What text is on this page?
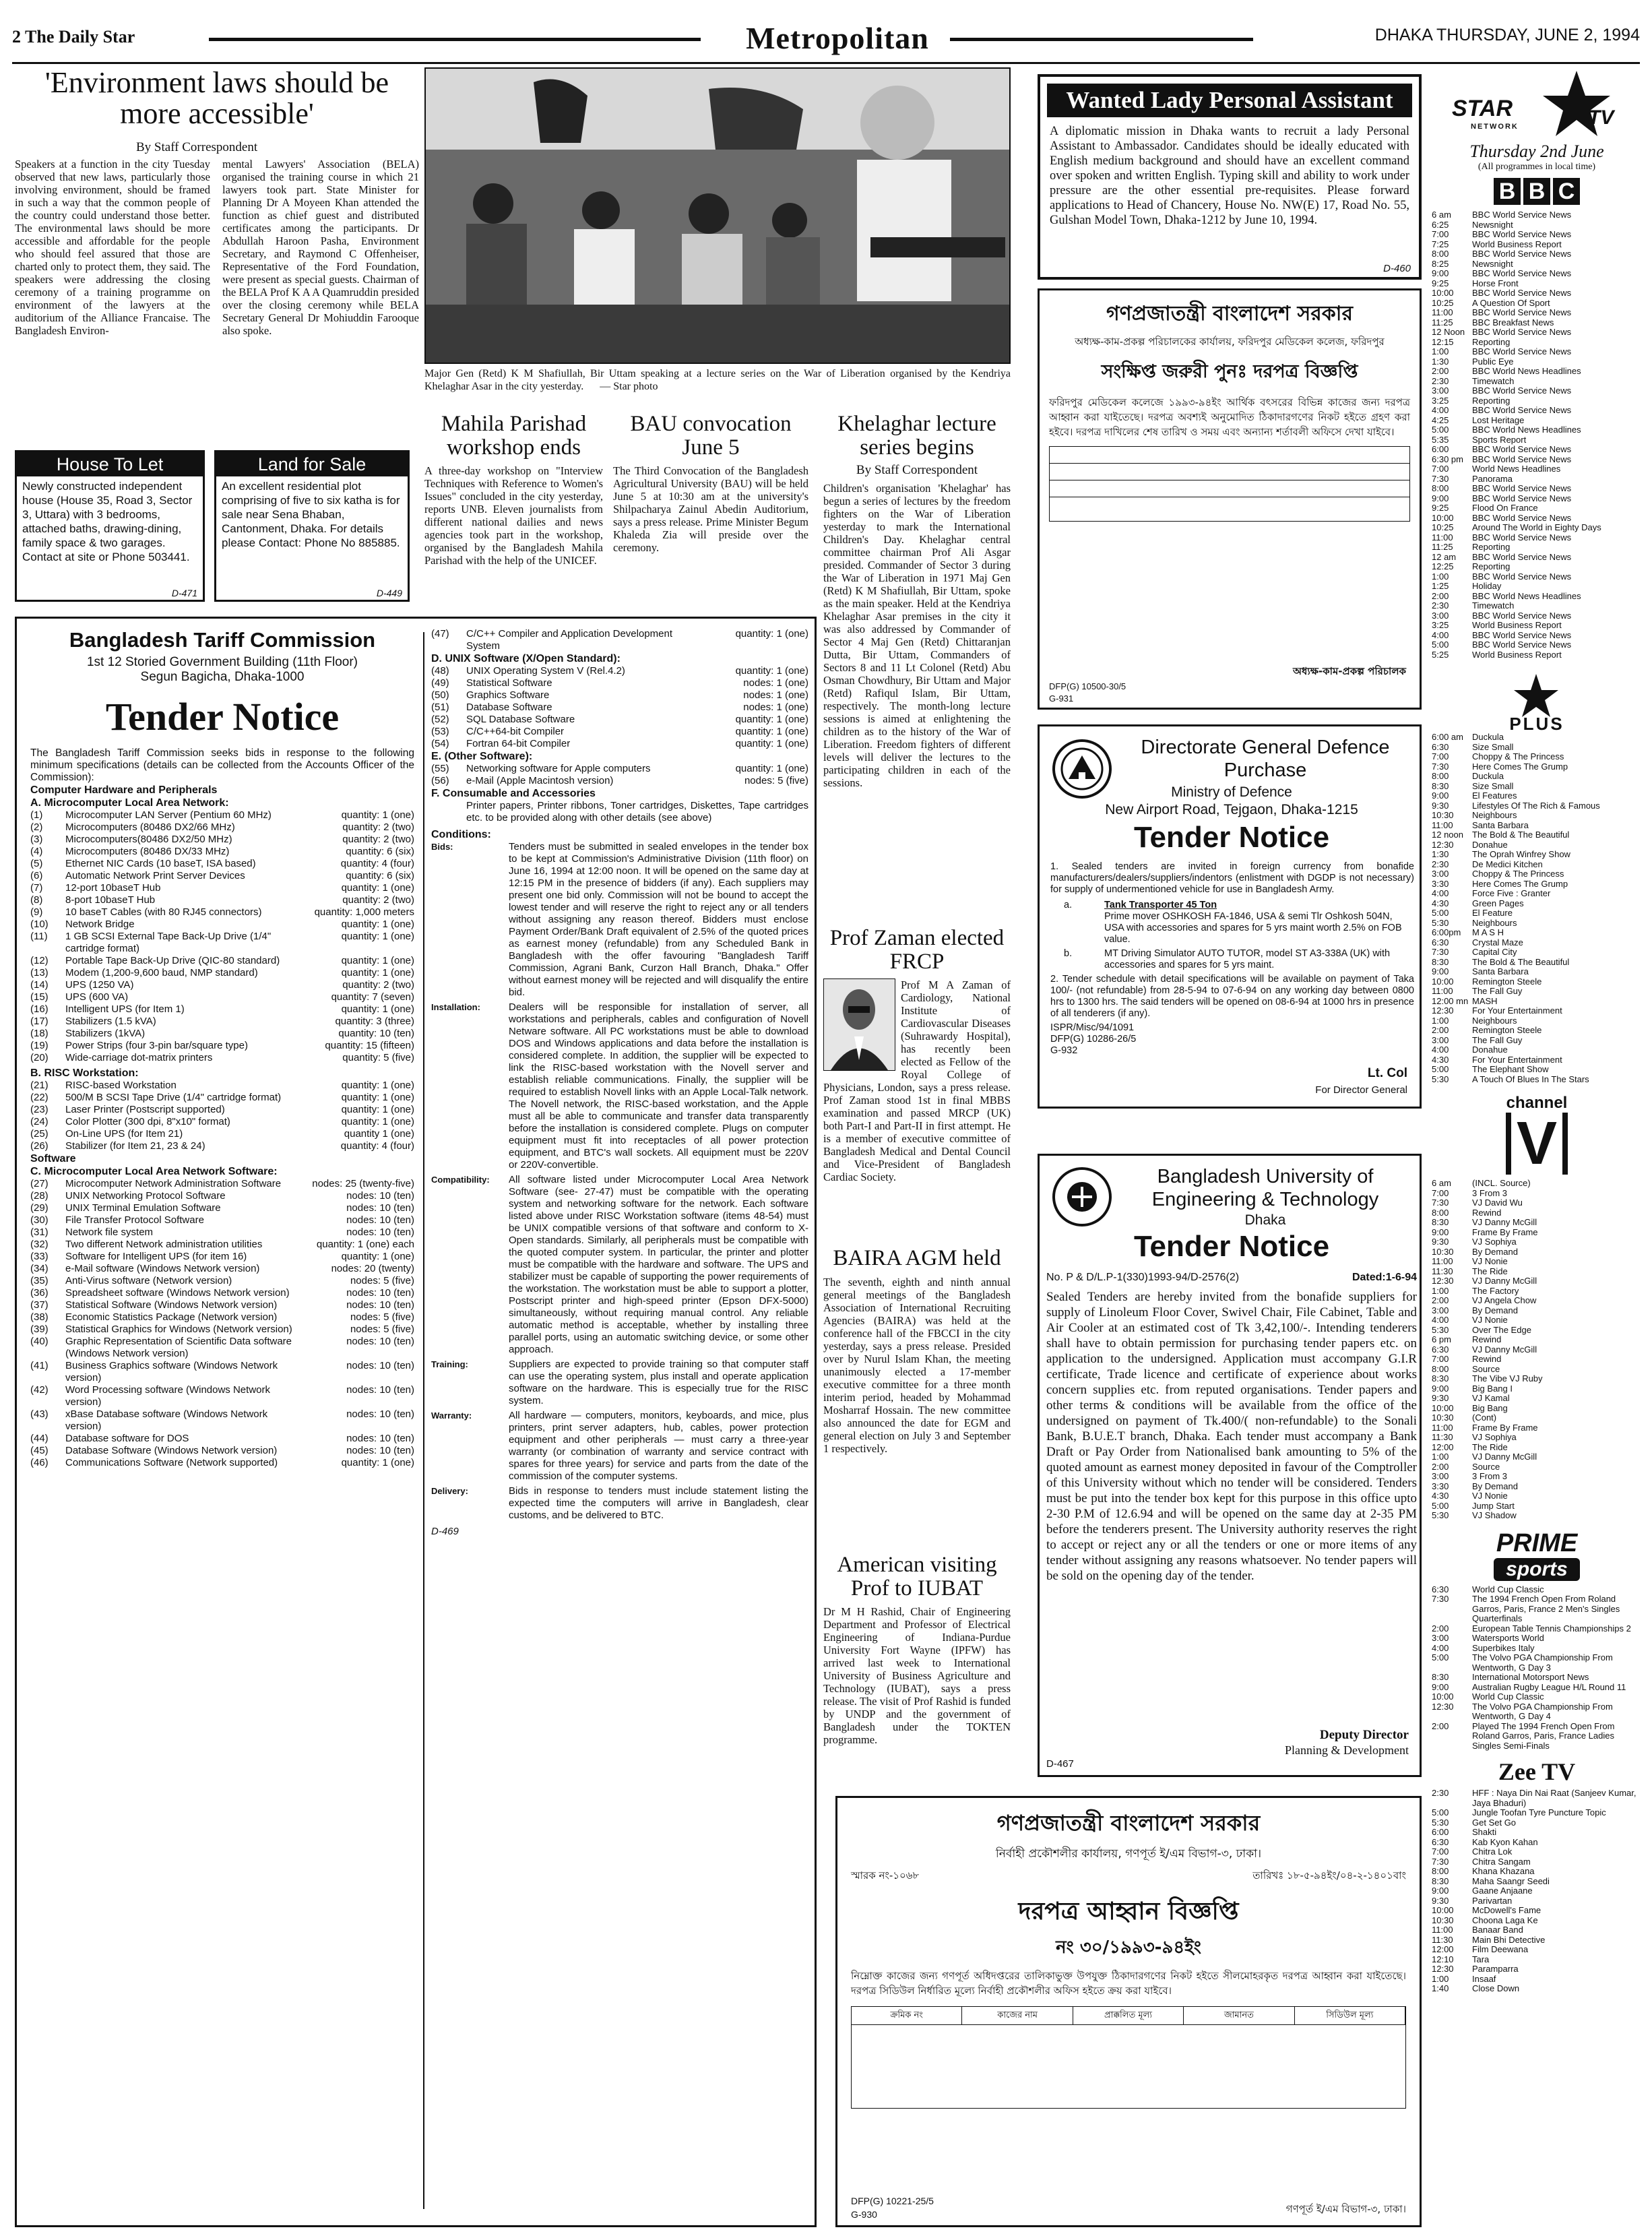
2 The Daily Star	Metropolitan	DHAKA THURSDAY, JUNE 2, 1994
'Environment laws should be more accessible'
By Staff Correspondent
Speakers at a function in the city Tuesday observed that new laws, particularly those involving environment, should be framed in such a way that the common people of the country could understand those better. The environmental laws should be more accessible and affordable for the people who should feel assured that those are charted only to protect them, they said. The speakers were addressing the closing ceremony of a training programme on environment of the lawyers at the auditorium of the Alliance Francaise. The Bangladesh Environ-
mental Lawyers' Association (BELA) organised the training course in which 21 lawyers took part. State Minister for Planning Dr A Moyeen Khan attended the function as chief guest and distributed certificates among the participants. Dr Abdullah Haroon Pasha, Environment Secretary, and Raymond C Offenheiser, Representative of the Ford Foundation, were present as special guests. Chairman of the BELA Prof K A A Quamruddin presided over the closing ceremony while BELA Secretary General Dr Mohiuddin Farooque also spoke.
Major Gen (Retd) K M Shafiullah, Bir Uttam speaking at a lecture series on the War of Liberation organised by the Kendriya Khelaghar Asar in the city yesterday. — Star photo
House To Let
Newly constructed independent house (House 35, Road 3, Sector 3, Uttara) with 3 bedrooms, attached baths, drawing-dining, family space & two garages. Contact at site or Phone 503441.
D-471
Land for Sale
An excellent residential plot comprising of five to six katha is for sale near Sena Bhaban, Cantonment, Dhaka. For details please Contact: Phone No 885885.
D-449
Mahila Parishad workshop ends
A three-day workshop on "Interview Techniques with Reference to Women's Issues" concluded in the city yesterday, reports UNB. Eleven journalists from different national dailies and news agencies took part in the workshop, organised by the Bangladesh Mahila Parishad with the help of the UNICEF.
BAU convocation June 5
The Third Convocation of the Bangladesh Agricultural University (BAU) will be held June 5 at 10:30 am at the university's Shilpacharya Zainul Abedin Auditorium, says a press release. Prime Minister Begum Khaleda Zia will preside over the ceremony.
Khelaghar lecture series begins
By Staff Correspondent
Children's organisation 'Khelaghar' has begun a series of lectures by the freedom fighters on the War of Liberation yesterday to mark the International Children's Day. Khelaghar central committee chairman Prof Ali Asgar presided. Commander of Sector 3 during the War of Liberation in 1971 Maj Gen (Retd) K M Shafiullah, Bir Uttam, spoke as the main speaker. Held at the Kendriya Khelaghar Asar premises in the city it was also addressed by Commander of Sector 4 Maj Gen (Retd) Chittaranjan Dutta, Bir Uttam, Commanders of Sectors 8 and 11 Lt Colonel (Retd) Abu Osman Chowdhury, Bir Uttam and Major (Retd) Rafiqul Islam, Bir Uttam, respectively. The month-long lecture sessions is aimed at enlightening the children as to the history of the War of Liberation. Freedom fighters of different levels will deliver the lectures to the participating children in each of the sessions.
Prof Zaman elected FRCP
Prof M A Zaman of Cardiology, National Institute of Cardiovascular Diseases (Suhrawardy Hospital), has recently been elected as Fellow of the Royal College of Physicians, London, says a press release. Prof Zaman stood 1st in final MBBS examination and passed MRCP (UK) both Part-I and Part-II in first attempt. He is a member of executive committee of Bangladesh Medical and Dental Council and Vice-President of Bangladesh Cardiac Society.
BAIRA AGM held
The seventh, eighth and ninth annual general meetings of the Bangladesh Association of International Recruiting Agencies (BAIRA) was held at the conference hall of the FBCCI in the city yesterday, says a press release. Presided over by Nurul Islam Khan, the meeting unanimously elected a 17-member executive committee for a three month interim period, headed by Mohammad Mosharraf Hossain. The new committee also announced the date for EGM and general election on July 3 and September 1 respectively.
American visiting Prof to IUBAT
Dr M H Rashid, Chair of Engineering Department and Professor of Electrical Engineering of Indiana-Purdue University Fort Wayne (IPFW) has arrived last week to International University of Business Agriculture and Technology (IUBAT), says a press release. The visit of Prof Rashid is funded by UNDP and the government of Bangladesh under the TOKTEN programme.
Bangladesh Tariff Commission
1st 12 Storied Government Building (11th Floor)
Segun Bagicha, Dhaka-1000
Tender Notice
The Bangladesh Tariff Commission seeks bids in response to the following minimum specifications (details can be collected from the Accounts Officer of the Commission):
Computer Hardware and Peripherals
A. Microcomputer Local Area Network:
(1)	Microcomputer LAN Server (Pentium 60 MHz)	quantity: 1 (one)
(2)	Microcomputers (80486 DX2/66 MHz)	quantity: 2 (two)
(3)	Microcomputers(80486 DX2/50 MHz)	quantity: 2 (two)
(4)	Microcomputers (80486 DX/33 MHz)	quantity: 6 (six)
(5)	Ethernet NIC Cards (10 baseT, ISA based)	quantity: 4 (four)
(6)	Automatic Network Print Server Devices	quantity: 6 (six)
(7)	12-port 10baseT Hub	quantity: 1 (one)
(8)	8-port 10baseT Hub	quantity: 2 (two)
(9)	10 baseT Cables (with 80 RJ45 connectors)	quantity: 1,000 meters
(10)	Network Bridge	quantity: 1 (one)
(11)	1 GB SCSI External Tape Back-Up Drive (1/4" cartridge format)
quantity: 1 (one)
(12)	Portable Tape Back-Up Drive (QIC-80 standard)	quantity: 1 (one)
(13)	Modem (1,200-9,600 baud, NMP standard)	quantity: 1 (one)
(14)	UPS (1250 VA)	quantity: 2 (two)
(15)	UPS (600 VA)	quantity: 7 (seven)
(16)	Intelligent UPS (for Item 1)	quantity: 1 (one)
(17)	Stabilizers (1.5 kVA)	quantity: 3 (three)
(18)	Stabilizers (1kVA)	quantity: 10 (ten)
(19)	Power Strips (four 3-pin bar/square type)	quantity: 15 (fifteen)
(20)	Wide-carriage dot-matrix printers	quantity: 5 (five)
B. RISC Workstation:
(21)	RISC-based Workstation	quantity: 1 (one)
(22)	500/M B SCSI Tape Drive (1/4" cartridge format)	quantity: 1 (one)
(23)	Laser Printer (Postscript supported)	quantity: 1 (one)
(24)	Color Plotter (300 dpi, 8"x10" format)	quantity: 1 (one)
(25)	On-Line UPS (for Item 21)	quantity 1 (one)
(26)	Stabilizer (for Item 21, 23 & 24)	quantity: 4 (four)
Software
C. Microcomputer Local Area Network Software:
(27)	Microcomputer Network Administration Software	nodes: 25 (twenty-five)
(28)	UNIX Networking Protocol Software	nodes: 10 (ten)
(29)	UNIX Terminal Emulation Software	nodes: 10 (ten)
(30)	File Transfer Protocol Software	nodes: 10 (ten)
(31)	Network file system	nodes: 10 (ten)
(32)	Two different Network administration utilities	quantity: 1 (one) each
(33)	Software for Intelligent UPS (for item 16)	quantity: 1 (one)
(34)	e-Mail software (Windows Network version)	nodes: 20 (twenty)
(35)	Anti-Virus software (Network version)	nodes: 5 (five)
(36)	Spreadsheet software (Windows Network version)	nodes: 10 (ten)
(37)	Statistical Software (Windows Network version)	nodes: 10 (ten)
(38)	Economic Statistics Package (Network version)	nodes: 5 (five)
(39)	Statistical Graphics for Windows (Network version)	nodes: 5 (five)
(40)	Graphic Representation of Scientific Data software (Windows Network version)
nodes: 10 (ten)
(41)	Business Graphics software (Windows Network version)
nodes: 10 (ten)
(42)	Word Processing software (Windows Network version)
nodes: 10 (ten)
(43)	xBase Database software (Windows Network version)
nodes: 10 (ten)
(44)	Database software for DOS	nodes: 10 (ten)
(45)	Database Software (Windows Network version)	nodes: 10 (ten)
(46)	Communications Software (Network supported)	quantity: 1 (one)
(47)	C/C++ Compiler and Application Development System
quantity: 1 (one)
D. UNIX Software (X/Open Standard):
(48)	UNIX Operating System V (Rel.4.2)	quantity: 1 (one)
(49)	Statistical Software	nodes: 1 (one)
(50)	Graphics Software	nodes: 1 (one)
(51)	Database Software	nodes: 1 (one)
(52)	SQL Database Software	quantity: 1 (one)
(53)	C/C++64-bit Compiler	quantity: 1 (one)
(54)	Fortran 64-bit Compiler	quantity: 1 (one)
E. (Other Software):
(55)	Networking software for Apple computers	quantity: 1 (one)
(56)	e-Mail (Apple Macintosh version)	nodes: 5 (five)
F. Consumable and Accessories
Printer papers, Printer ribbons, Toner cartridges, Diskettes, Tape cartridges etc. to be provided along with other details (see above)
Conditions:
Bids:	Tenders must be submitted in sealed envelopes in the tender box to be kept at Commission's Administrative Division (11th floor) on June 16, 1994 at 12:00 noon. It will be opened on the same day at 12:15 PM in the presence of bidders (if any). Each suppliers may present one bid only. Commission will not be bound to accept the lowest tender and will reserve the right to reject any or all tenders without assigning any reason thereof. Bidders must enclose Payment Order/Bank Draft equivalent of 2.5% of the quoted prices as earnest money (refundable) from any Scheduled Bank in Bangladesh with the offer favouring "Bangladesh Tariff Commission, Agrani Bank, Curzon Hall Branch, Dhaka." Offer without earnest money will be rejected and will disqualify the entire bid.
Installation:	Dealers will be responsible for installation of server, all workstations and peripherals, cables and configuration of Novell Netware software. All PC workstations must be able to download DOS and Windows applications and data before the installation is considered complete. In addition, the supplier will be expected to link the RISC-based workstation with the Novell server and establish reliable communications. Finally, the supplier will be required to establish Novell links with an Apple Local-Talk network. The Novell network, the RISC-based workstation, and the Apple must all be able to communicate and transfer data transparently before the installation is considered complete. Plugs on computer equipment must fit into receptacles of all power protection equipment, and BTC's wall sockets. All equipment must be 220V or 220V-convertible.
Compatibility:	All software listed under Microcomputer Local Area Network Software (see- 27-47) must be compatible with the operating system and networking software for the network. Each software listed above under RISC Workstation software (items 48-54) must be UNIX compatible versions of that software and conform to X-Open standards. Similarly, all peripherals must be compatible with the quoted computer system. In particular, the printer and plotter must be compatible with the hardware and software. The UPS and stabilizer must be capable of supporting the power requirements of the workstation. The workstation must be able to support a plotter, Postscript printer and high-speed printer (Epson DFX-5000) simultaneously, without requiring manual control. Any reliable automatic method is acceptable, whether by installing three parallel ports, using an automatic switching device, or some other approach.
Training:	Suppliers are expected to provide training so that computer staff can use the operating system, plus install and operate application software on the hardware. This is especially true for the RISC system.
Warranty:	All hardware — computers, monitors, keyboards, and mice, plus printers, print server adapters, hub, cables, power protection equipment and other peripherals — must carry a three-year warranty (or combination of warranty and service contract with spares for three years) for service and parts from the date of the commission of the computer systems.
Delivery:	Bids in response to tenders must include statement listing the expected time the computers will arrive in Bangladesh, clear customs, and be delivered to BTC.
D-469
Wanted Lady Personal Assistant
A diplomatic mission in Dhaka wants to recruit a lady Personal Assistant to Ambassador. Candidates should be ideally educated with English medium background and should have an excellent command over spoken and written English. Typing skill and ability to work under pressure are the other essential pre-requisites. Please forward applications to Head of Chancery, House No. NW(E) 17, Road No. 55, Gulshan Model Town, Dhaka-1212 by June 10, 1994.
D-460
গণপ্রজাতন্ত্রী বাংলাদেশ সরকার
অধ্যক্ষ-কাম-প্রকল্প পরিচালকের কার্যালয়, ফরিদপুর মেডিকেল কলেজ, ফরিদপুর
সংক্ষিপ্ত জরুরী পুনঃ দরপত্র বিজ্ঞপ্তি
ফরিদপুর মেডিকেল কলেজে ১৯৯৩-৯৪ইং আর্থিক বৎসরের বিভিন্ন কাজের জন্য দরপত্র আহ্বান করা যাইতেছে। দরপত্র অবশ্যই অনুমোদিত ঠিকাদারগণের নিকট হইতে গ্রহণ করা হইবে। দরপত্র দাখিলের শেষ তারিখ ও সময় এবং অন্যান্য শর্তাবলী অফিসে দেখা যাইবে।
অধ্যক্ষ-কাম-প্রকল্প পরিচালক
DFP(G) 10500-30/5
G-931
Directorate General Defence Purchase
Ministry of Defence
New Airport Road, Tejgaon, Dhaka-1215
Tender Notice
1. Sealed tenders are invited in foreign currency from bonafide manufacturers/dealers/suppliers/indentors (enlistment with DGDP is not necessary) for supply of undermentioned vehicle for use in Bangladesh Army.
a.	Tank Transporter 45 Ton
Prime mover OSHKOSH FA-1846, USA & semi Tlr Oshkosh 504N, USA with accessories and spares for 5 yrs maint worth 2.5% on FOB value.
b.	MT Driving Simulator AUTO TUTOR, model ST A3-338A (UK) with accessories and spares for 5 yrs maint.
2. Tender schedule with detail specifications will be available on payment of Taka 100/- (not refundable) from 28-5-94 to 07-6-94 on any working day between 0800 hrs to 1300 hrs. The said tenders will be opened on 08-6-94 at 1000 hrs in presence of all tenderers (if any).
ISPR/Misc/94/1091
DFP(G) 10286-26/5
G-932
Lt. Col
For Director General
Bangladesh University of Engineering & Technology
Dhaka
Tender Notice
No. P & D/L.P-1(330)1993-94/D-2576(2)	Dated:1-6-94
Sealed Tenders are hereby invited from the bonafide suppliers for supply of Linoleum Floor Cover, Swivel Chair, File Cabinet, Table and Air Cooler at an estimated cost of Tk 3,42,100/-. Intending tenderers shall have to obtain permission for purchasing tender papers etc. on application to the undersigned. Application must accompany G.I.R certificate, Trade licence and certificate of experience about works concern supplies etc. from reputed organisations. Tender papers and other terms & conditions will be available from the office of the undersigned on payment of Tk.400/( non-refundable) to the Sonali Bank, B.U.E.T branch, Dhaka. Each tender must accompany a Bank Draft or Pay Order from Nationalised bank amounting to 5% of the quoted amount as earnest money deposited in favour of the Comptroller of this University without which no tender will be considered. Tenders must be put into the tender box kept for this purpose in this office upto 2-30 P.M of 12.6.94 and will be opened on the same day at 2-35 PM before the tenderers present. The University authority reserves the right to accept or reject any or all the tenders or one or more items of any tender without assigning any reasons whatsoever. No tender papers will be sold on the opening day of the tender.
Deputy Director
Planning & Development
D-467
গণপ্রজাতন্ত্রী বাংলাদেশ সরকার
নির্বাহী প্রকৌশলীর কার্যালয়, গণপূর্ত ই/এম বিভাগ-৩, ঢাকা।
স্মারক নং-১০৬৮	তারিখঃ ১৮-৫-৯৪ইং/০৪-২-১৪০১বাং
দরপত্র আহ্বান বিজ্ঞপ্তি
নং ৩০/১৯৯৩-৯৪ইং
নিম্নোক্ত কাজের জন্য গণপূর্ত অধিদপ্তরের তালিকাভুক্ত উপযুক্ত ঠিকাদারগণের নিকট হইতে সীলমোহরকৃত দরপত্র আহ্বান করা যাইতেছে। দরপত্র সিডিউল নির্ধারিত মূল্যে নির্বাহী প্রকৌশলীর অফিস হইতে ক্রয় করা যাইবে।
ক্রমিক নং	কাজের নাম	প্রাক্কলিত মূল্য	জামানত	সিডিউল মূল্য
DFP(G) 10221-25/5
G-930	গণপূর্ত ই/এম বিভাগ-৩, ঢাকা।
STAR	TV
NETWORK
Thursday 2nd June
(All programmes in local time)
B B C
6 am	BBC World Service News
6:25	Newsnight
7:00	BBC World Service News
7:25	World Business Report
8:00	BBC World Service News
8:25	Newsnight
9:00	BBC World Service News
9:25	Horse Front
10:00	BBC World Service News
10:25	A Question Of Sport
11:00	BBC World Service News
11:25	BBC Breakfast News
12 Noon BBC World Service News
12:15	Reporting
1:00	BBC World Service News
1:30	Public Eye
2:00	BBC World News Headlines
2:30	Timewatch
3:00	BBC World Service News
3:25	Reporting
4:00	BBC World Service News
4:25	Lost Heritage
5:00	BBC World News Headlines
5:35	Sports Report
6:00	BBC World Service News
6:30 pm	BBC World Service News
7:00	World News Headlines
7:30	Panorama
8:00	BBC World Service News
9:00	BBC World Service News
9:25	Flood On France
10:00	BBC World Service News
10:25	Around The World in Eighty Days
11:00	BBC World Service News
11:25	Reporting
12 am	BBC World Service News
12:25	Reporting
1:00	BBC World Service News
1:25	Holiday
2:00	BBC World News Headlines
2:30	Timewatch
3:00	BBC World Service News
3:25	World Business Report
4:00	BBC World Service News
5:00	BBC World Service News
5:25	World Business Report
PLUS
6:00 am	Duckula
6:30	Size Small
7:00	Choppy & The Princess
7:30	Here Comes The Grump
8:00	Duckula
8:30	Size Small
9:00	El Features
9:30	Lifestyles Of The Rich & Famous
10:30	Neighbours
11:00	Santa Barbara
12 noon	The Bold & The Beautiful
12:30	Donahue
1:30	The Oprah Winfrey Show
2:30	De Medici Kitchen
3:00	Choppy & The Princess
3:30	Here Comes The Grump
4:00	Force Five : Granter
4:30	Green Pages
5:00	El Feature
5:30	Neighbours
6:00pm	M A S H
6:30	Crystal Maze
7:30	Capital City
8:30	The Bold & The Beautiful
9:00	Santa Barbara
10:00	Remington Steele
11:00	The Fall Guy
12:00 mn MASH
12:30	For Your Entertainment
1:00	Neighbours
2:00	Remington Steele
3:00	The Fall Guy
4:00	Donahue
4:30	For Your Entertainment
5:00	The Elephant Show
5:30	A Touch Of Blues In The Stars
channel
V
6 am	(INCL. Source)
7:00	3 From 3
7:30	VJ David Wu
8:00	Rewind
8:30	VJ Danny McGill
9:00	Frame By Frame
9:30	VJ Sophiya
10:30	By Demand
11:00	VJ Nonie
11:30	The Ride
12:30	VJ Danny McGill
1:00	The Factory
2:00	VJ Angela Chow
3:00	By Demand
4:00	VJ Nonie
5:30	Over The Edge
6 pm	Rewind
6:30	VJ Danny McGill
7:00	Rewind
8:00	Source
8:30	The Vibe VJ Ruby
9:00	Big Bang I
9:30	VJ Kamal
10:00	Big Bang
10:30	(Cont)
11:00	Frame By Frame
11:30	VJ Sophiya
12:00	The Ride
1:00	VJ Danny McGill
2:00	Source
3:00	3 From 3
3:30	By Demand
4:30	VJ Nonie
5:00	Jump Start
5:30	VJ Shadow
PRIME
sports
6:30	World Cup Classic
7:30	The 1994 French Open From Roland Garros, Paris, France 2 Men's Singles Quarterfinals
2:00	European Table Tennis Championships 2
3:00	Watersports World
4:00	Superbikes Italy
5:00	The Volvo PGA Championship From Wentworth, G Day 3
8:30	International Motorsport News
9:00	Australian Rugby League H/L Round 11
10:00	World Cup Classic
12:30	The Volvo PGA Championship From Wentworth, G Day 4
2:00	Played The 1994 French Open From Roland Garros, Paris, France Ladies Singles Semi-Finals
Zee TV
2:30	HFF : Naya Din Nai Raat (Sanjeev Kumar, Jaya Bhaduri)
5:00	Jungle Toofan Tyre Puncture Topic
5:30	Get Set Go
6:00	Shakti
6:30	Kab Kyon Kahan
7:00	Chitra Lok
7:30	Chitra Sangam
8:00	Khana Khazana
8:30	Maha Saangr Seedi
9:00	Gaane Anjaane
9:30	Parivartan
10:00	McDowell's Fame
10:30	Choona Laga Ke
11:00	Banaar Band
11:30	Main Bhi Detective
12:00	Film Deewana
12:10	Tara
12:30	Paramparra
1:00	Insaaf
1:40	Close Down
